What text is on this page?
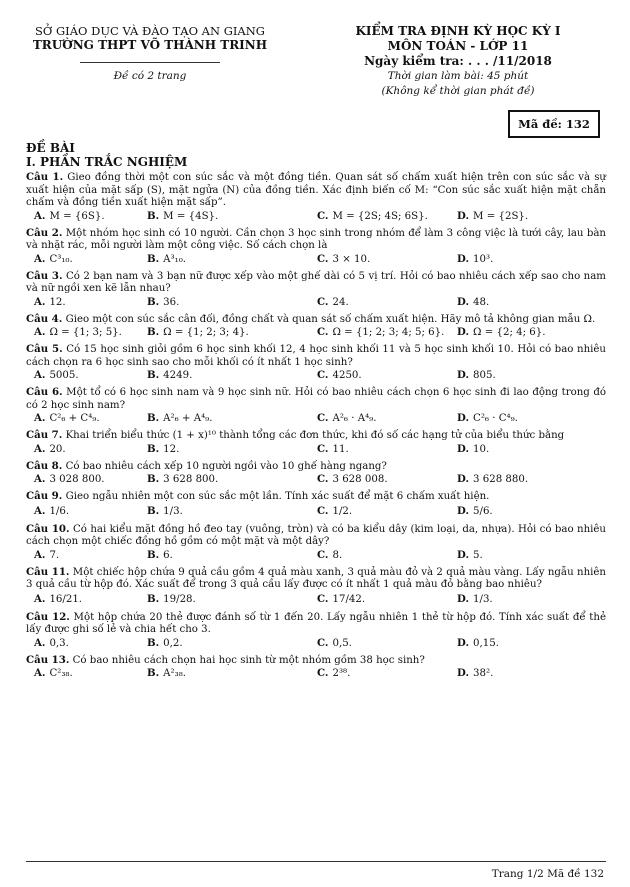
SỞ GIÁO DỤC VÀ ĐÀO TẠO AN GIANG
TRƯỜNG THPT VÕ THÀNH TRINH
Đề có 2 trang
KIỂM TRA ĐỊNH KỲ HỌC KỲ I
MÔN TOÁN - LỚP 11
Ngày kiểm tra: . . . /11/2018
Thời gian làm bài: 45 phút
(Không kể thời gian phát đề)
Mã đề: 132
ĐỀ BÀI
I. PHẦN TRẮC NGHIỆM
Câu 1. Gieo đồng thời một con súc sắc và một đồng tiền. Quan sát số chấm xuất hiện trên con súc sắc và sự xuất hiện của mặt sấp (S), mặt ngửa (N) của đồng tiền. Xác định biến cố M: “Con súc sắc xuất hiện mặt chẵn chấm và đồng tiền xuất hiện mặt sấp”.
A. M = {6S}.	B. M = {4S}.	C. M = {2S; 4S; 6S}.	D. M = {2S}.
Câu 2. Một nhóm học sinh có 10 người. Cần chọn 3 học sinh trong nhóm để làm 3 công việc là tưới cây, lau bàn và nhặt rác, mỗi người làm một công việc. Số cách chọn là
A. C³₁₀.	B. A³₁₀.	C. 3 × 10.	D. 10³.
Câu 3. Có 2 bạn nam và 3 bạn nữ được xếp vào một ghế dài có 5 vị trí. Hỏi có bao nhiêu cách xếp sao cho nam và nữ ngồi xen kẽ lẫn nhau?
A. 12.	B. 36.	C. 24.	D. 48.
Câu 4. Gieo một con súc sắc cân đối, đồng chất và quan sát số chấm xuất hiện. Hãy mô tả không gian mẫu Ω.
A. Ω = {1; 3; 5}.	B. Ω = {1; 2; 3; 4}.	C. Ω = {1; 2; 3; 4; 5; 6}.	D. Ω = {2; 4; 6}.
Câu 5. Có 15 học sinh giỏi gồm 6 học sinh khối 12, 4 học sinh khối 11 và 5 học sinh khối 10. Hỏi có bao nhiêu cách chọn ra 6 học sinh sao cho mỗi khối có ít nhất 1 học sinh?
A. 5005.	B. 4249.	C. 4250.	D. 805.
Câu 6. Một tổ có 6 học sinh nam và 9 học sinh nữ. Hỏi có bao nhiêu cách chọn 6 học sinh đi lao động trong đó có 2 học sinh nam?
A. C²₆ + C⁴₉.	B. A²₆ + A⁴₉.	C. A²₆ · A⁴₉.	D. C²₆ · C⁴₉.
Câu 7. Khai triển biểu thức (1 + x)¹⁰ thành tổng các đơn thức, khi đó số các hạng tử của biểu thức bằng
A. 20.	B. 12.	C. 11.	D. 10.
Câu 8. Có bao nhiêu cách xếp 10 người ngồi vào 10 ghế hàng ngang?
A. 3 028 800.	B. 3 628 800.	C. 3 628 008.	D. 3 628 880.
Câu 9. Gieo ngẫu nhiên một con súc sắc một lần. Tính xác suất để mặt 6 chấm xuất hiện.
A. 1/6.	B. 1/3.	C. 1/2.	D. 5/6.
Câu 10. Có hai kiểu mặt đồng hồ đeo tay (vuông, tròn) và có ba kiểu dây (kim loại, da, nhựa). Hỏi có bao nhiêu cách chọn một chiếc đồng hồ gồm có một mặt và một dây?
A. 7.	B. 6.	C. 8.	D. 5.
Câu 11. Một chiếc hộp chứa 9 quả cầu gồm 4 quả màu xanh, 3 quả màu đỏ và 2 quả màu vàng. Lấy ngẫu nhiên 3 quả cầu từ hộp đó. Xác suất để trong 3 quả cầu lấy được có ít nhất 1 quả màu đỏ bằng bao nhiêu?
A. 16/21.	B. 19/28.	C. 17/42.	D. 1/3.
Câu 12. Một hộp chứa 20 thẻ được đánh số từ 1 đến 20. Lấy ngẫu nhiên 1 thẻ từ hộp đó. Tính xác suất để thẻ lấy được ghi số lẻ và chia hết cho 3.
A. 0,3.	B. 0,2.	C. 0,5.	D. 0,15.
Câu 13. Có bao nhiêu cách chọn hai học sinh từ một nhóm gồm 38 học sinh?
A. C²₃₈.	B. A²₃₈.	C. 2³⁸.	D. 38².
Trang 1/2 Mã đề 132
